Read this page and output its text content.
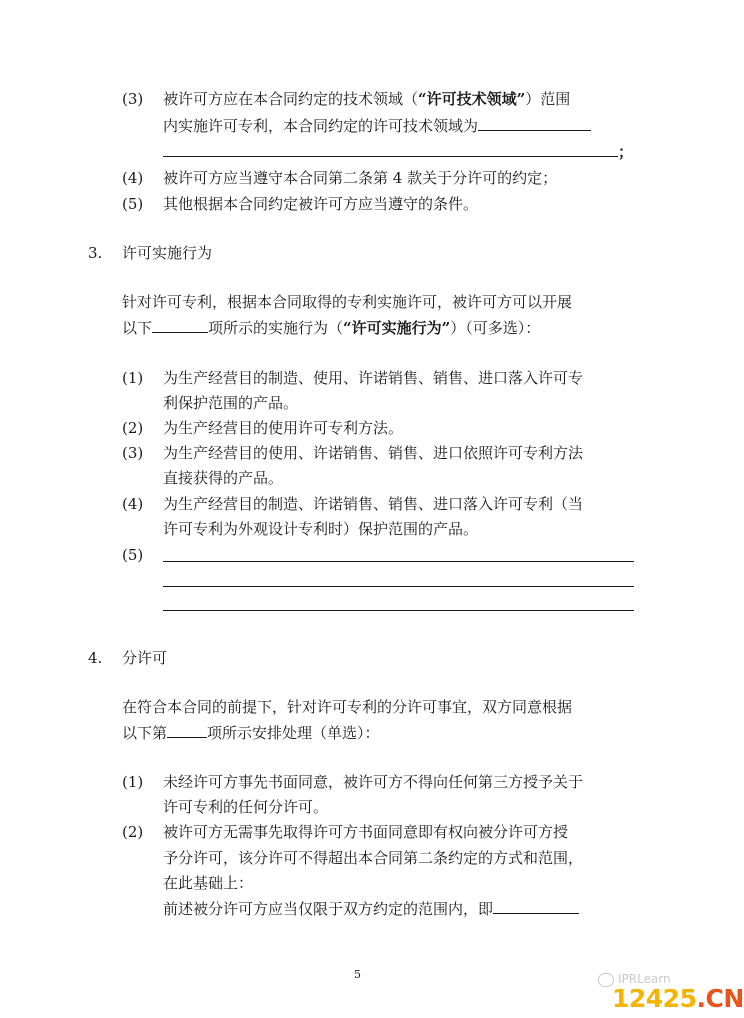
(3) 被许可方应在本合同约定的技术领域（“许可技术领域”）范围
内实施许可专利，本合同约定的许可技术领域为
；
(4) 被许可方应当遵守本合同第二条第 4 款关于分许可的约定；
(5) 其他根据本合同约定被许可方应当遵守的条件。
3. 许可实施行为
针对许可专利，根据本合同取得的专利实施许可，被许可方可以开展
以下	项所示的实施行为（“许可实施行为”）（可多选）：
(1) 为生产经营目的制造、使用、许诺销售、销售、进口落入许可专
利保护范围的产品。
(2) 为生产经营目的使用许可专利方法。
(3) 为生产经营目的使用、许诺销售、销售、进口依照许可专利方法
直接获得的产品。
(4) 为生产经营目的制造、许诺销售、销售、进口落入许可专利（当
许可专利为外观设计专利时）保护范围的产品。
(5)
4. 分许可
在符合本合同的前提下，针对许可专利的分许可事宜，双方同意根据
以下第	项所示安排处理（单选）：
(1) 未经许可方事先书面同意，被许可方不得向任何第三方授予关于
许可专利的任何分许可。
(2) 被许可方无需事先取得许可方书面同意即有权向被分许可方授
予分许可，该分许可不得超出本合同第二条约定的方式和范围，
在此基础上：
前述被分许可方应当仅限于双方约定的范围内，即
5	IPRLearn
12425.CN
